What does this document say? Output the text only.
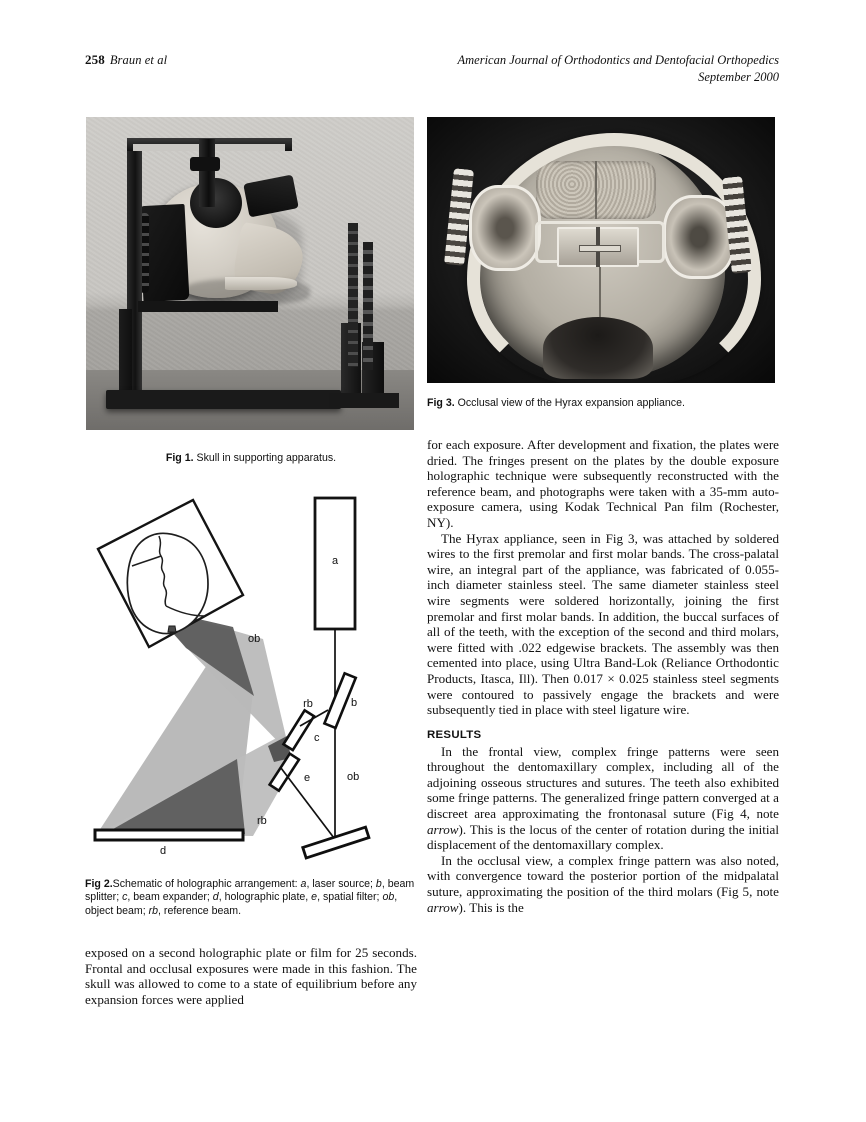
258 Braun et al	American Journal of Orthodontics and Dentofacial Orthopedics
September 2000
Fig 1. Skull in supporting apparatus.
a
b
c
d
e
ob
ob
rb
rb
Fig 2.Schematic of holographic arrangement: a, laser source; b, beam splitter; c, beam expander; d, holographic plate, e, spatial filter; ob, object beam; rb, reference beam.

exposed on a second holographic plate or film for 25 seconds. Frontal and occlusal exposures were made in this fashion. The skull was allowed to come to a state of equilibrium before any expansion forces were applied

Fig 3. Occlusal view of the Hyrax expansion appliance.

for each exposure. After development and fixation, the plates were dried. The fringes present on the plates by the double exposure holographic technique were subsequently reconstructed with the reference beam, and photographs were taken with a 35-mm auto-exposure camera, using Kodak Technical Pan film (Rochester, NY).

The Hyrax appliance, seen in Fig 3, was attached by soldered wires to the first premolar and first molar bands. The cross-palatal wire, an integral part of the appliance, was fabricated of 0.055-inch diameter stainless steel. The same diameter stainless steel wire segments were soldered horizontally, joining the first premolar and first molar bands. In addition, the buccal surfaces of all of the teeth, with the exception of the second and third molars, were fitted with .022 edgewise brackets. The assembly was then cemented into place, using Ultra Band-Lok (Reliance Orthodontic Products, Itasca, Ill). Then 0.017 × 0.025 stainless steel segments were contoured to passively engage the brackets and were subsequently tied in place with steel ligature wire.

RESULTS

In the frontal view, complex fringe patterns were seen throughout the dentomaxillary complex, including all of the adjoining osseous structures and sutures. The teeth also exhibited some fringe patterns. The generalized fringe pattern converged at a discreet area approximating the frontonasal suture (Fig 4, note arrow). This is the locus of the center of rotation during the initial displacement of the dentomaxillary complex.

In the occlusal view, a complex fringe pattern was also noted, with convergence toward the posterior portion of the midpalatal suture, approximating the position of the third molars (Fig 5, note arrow). This is the
